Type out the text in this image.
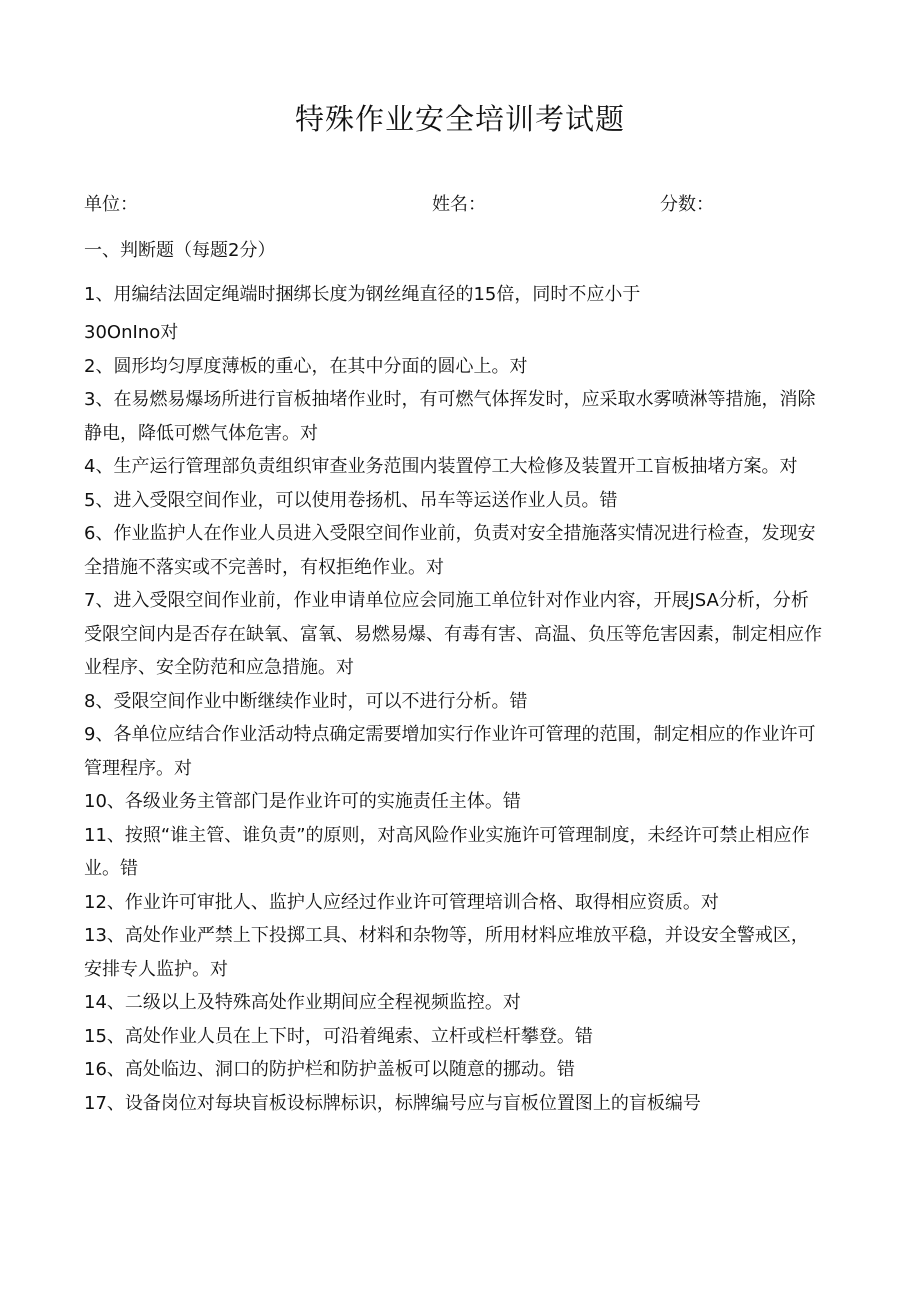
特殊作业安全培训考试题
单位：	姓名：	分数：

一、判断题（每题2分）

1、用编结法固定绳端时捆绑长度为钢丝绳直径的15倍，同时不应小于

30OnIno对

2、圆形均匀厚度薄板的重心，在其中分面的圆心上。对

3、在易燃易爆场所进行盲板抽堵作业时，有可燃气体挥发时，应采取水雾喷淋等措施，消除静电，降低可燃气体危害。对

4、生产运行管理部负责组织审查业务范围内装置停工大检修及装置开工盲板抽堵方案。对

5、进入受限空间作业，可以使用卷扬机、吊车等运送作业人员。错

6、作业监护人在作业人员进入受限空间作业前，负责对安全措施落实情况进行检查，发现安全措施不落实或不完善时，有权拒绝作业。对

7、进入受限空间作业前，作业申请单位应会同施工单位针对作业内容，开展JSA分析，分析受限空间内是否存在缺氧、富氧、易燃易爆、有毒有害、高温、负压等危害因素，制定相应作业程序、安全防范和应急措施。对

8、受限空间作业中断继续作业时，可以不进行分析。错

9、各单位应结合作业活动特点确定需要增加实行作业许可管理的范围，制定相应的作业许可管理程序。对

10、各级业务主管部门是作业许可的实施责任主体。错

11、按照“谁主管、谁负责”的原则，对高风险作业实施许可管理制度，未经许可禁止相应作业。错

12、作业许可审批人、监护人应经过作业许可管理培训合格、取得相应资质。对

13、高处作业严禁上下投掷工具、材料和杂物等，所用材料应堆放平稳，并设安全警戒区，安排专人监护。对

14、二级以上及特殊高处作业期间应全程视频监控。对

15、高处作业人员在上下时，可沿着绳索、立杆或栏杆攀登。错

16、高处临边、洞口的防护栏和防护盖板可以随意的挪动。错

17、设备岗位对每块盲板设标牌标识，标牌编号应与盲板位置图上的盲板编号
